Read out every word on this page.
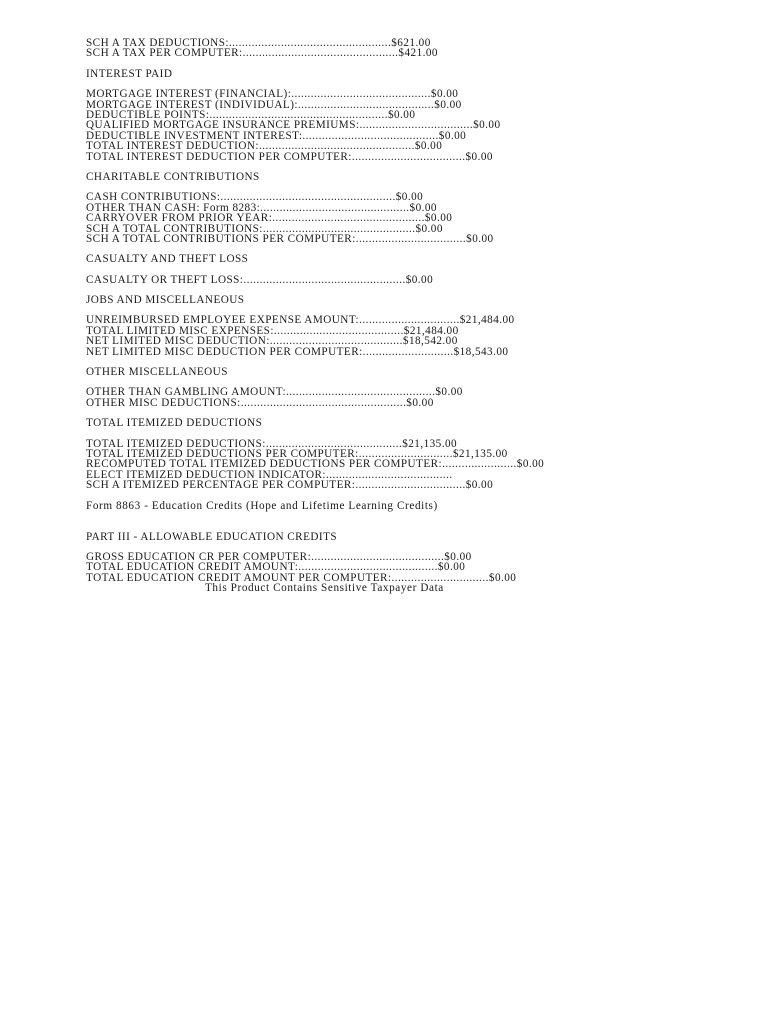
SCH A TAX DEDUCTIONS:..................................................$621.00
SCH A TAX PER COMPUTER:................................................$421.00
INTEREST PAID
MORTGAGE INTEREST (FINANCIAL):...........................................$0.00
MORTGAGE INTEREST (INDIVIDUAL):..........................................$0.00
DEDUCTIBLE POINTS:.......................................................$0.00
QUALIFIED MORTGAGE INSURANCE PREMIUMS:...................................$0.00
DEDUCTIBLE INVESTMENT INTEREST:..........................................$0.00
TOTAL INTEREST DEDUCTION:................................................$0.00
TOTAL INTEREST DEDUCTION PER COMPUTER:...................................$0.00
CHARITABLE CONTRIBUTIONS
CASH CONTRIBUTIONS:......................................................$0.00
OTHER THAN CASH: Form 8283:..............................................$0.00
CARRYOVER FROM PRIOR YEAR:...............................................$0.00
SCH A TOTAL CONTRIBUTIONS:...............................................$0.00
SCH A TOTAL CONTRIBUTIONS PER COMPUTER:..................................$0.00
CASUALTY AND THEFT LOSS
CASUALTY OR THEFT LOSS:..................................................$0.00
JOBS AND MISCELLANEOUS
UNREIMBURSED EMPLOYEE EXPENSE AMOUNT:...............................$21,484.00
TOTAL LIMITED MISC EXPENSES:........................................$21,484.00
NET LIMITED MISC DEDUCTION:.........................................$18,542.00
NET LIMITED MISC DEDUCTION PER COMPUTER:............................$18,543.00
OTHER MISCELLANEOUS
OTHER THAN GAMBLING AMOUNT:..............................................$0.00
OTHER MISC DEDUCTIONS:...................................................$0.00
TOTAL ITEMIZED DEDUCTIONS
TOTAL ITEMIZED DEDUCTIONS:..........................................$21,135.00
TOTAL ITEMIZED DEDUCTIONS PER COMPUTER:.............................$21,135.00
RECOMPUTED TOTAL ITEMIZED DEDUCTIONS PER COMPUTER:.......................$0.00
ELECT ITEMIZED DEDUCTION INDICATOR:.......................................
SCH A ITEMIZED PERCENTAGE PER COMPUTER:..................................$0.00
Form 8863 - Education Credits (Hope and Lifetime Learning Credits)
PART III - ALLOWABLE EDUCATION CREDITS
GROSS EDUCATION CR PER COMPUTER:.........................................$0.00
TOTAL EDUCATION CREDIT AMOUNT:...........................................$0.00
TOTAL EDUCATION CREDIT AMOUNT PER COMPUTER:..............................$0.00
This Product Contains Sensitive Taxpayer Data
